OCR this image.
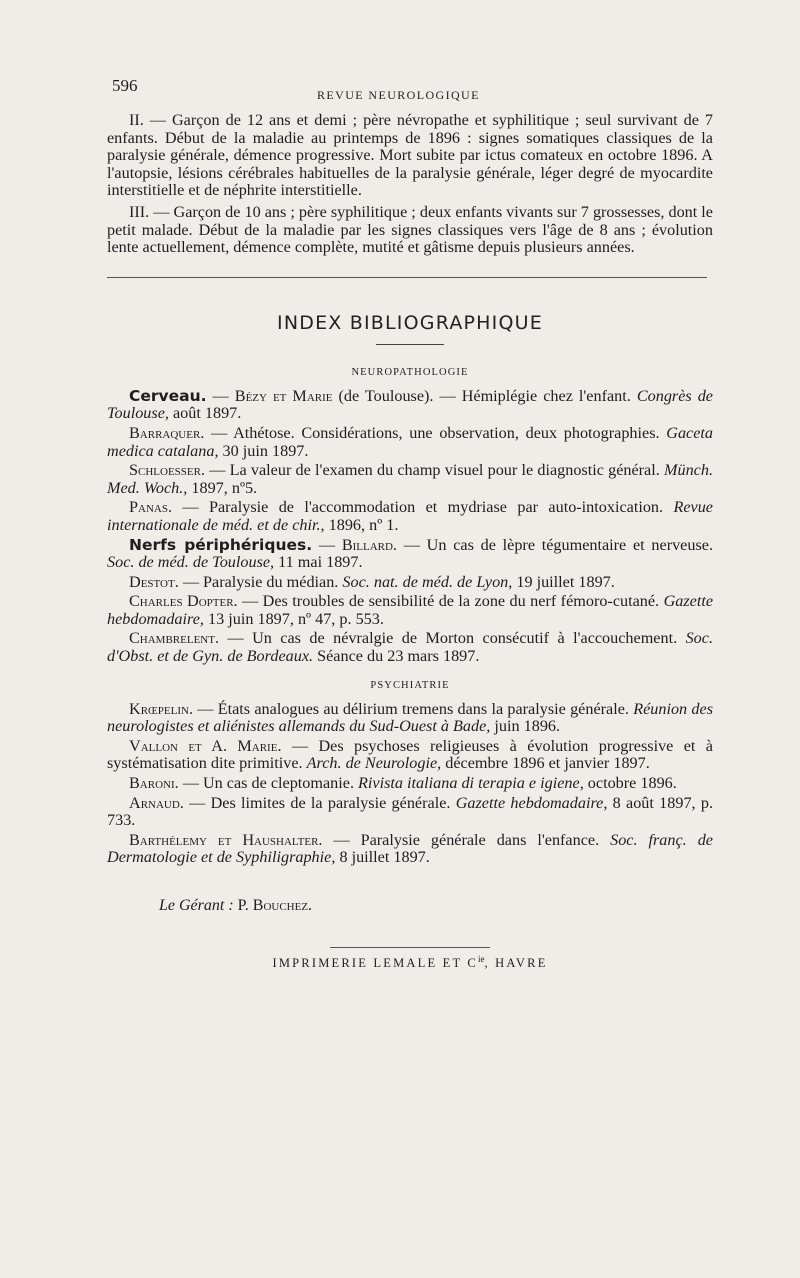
596	REVUE NEUROLOGIQUE

II. — Garçon de 12 ans et demi ; père névropathe et syphilitique ; seul survivant de 7 enfants. Début de la maladie au printemps de 1896 : signes somatiques classiques de la paralysie générale, démence progressive. Mort subite par ictus comateux en octobre 1896. A l'autopsie, lésions cérébrales habituelles de la paralysie générale, léger degré de myocardite interstitielle et de néphrite interstitielle.

III. — Garçon de 10 ans ; père syphilitique ; deux enfants vivants sur 7 grossesses, dont le petit malade. Début de la maladie par les signes classiques vers l'âge de 8 ans ; évolution lente actuellement, démence complète, mutité et gâtisme depuis plusieurs années.

INDEX BIBLIOGRAPHIQUE
NEUROPATHOLOGIE

Cerveau. — Bézy et Marie (de Toulouse). — Hémiplégie chez l'enfant. Congrès de Toulouse, août 1897.

Barraquer. — Athétose. Considérations, une observation, deux photographies. Gaceta medica catalana, 30 juin 1897.

Schloesser. — La valeur de l'examen du champ visuel pour le diagnostic général. Münch. Med. Woch., 1897, nº5.

Panas. — Paralysie de l'accommodation et mydriase par auto-intoxication. Revue internationale de méd. et de chir., 1896, nº 1.

Nerfs périphériques. — Billard. — Un cas de lèpre tégumentaire et nerveuse. Soc. de méd. de Toulouse, 11 mai 1897.

Destot. — Paralysie du médian. Soc. nat. de méd. de Lyon, 19 juillet 1897.

Charles Dopter. — Des troubles de sensibilité de la zone du nerf fémoro-cutané. Gazette hebdomadaire, 13 juin 1897, nº 47, p. 553.

Chambrelent. — Un cas de névralgie de Morton consécutif à l'accouchement. Soc. d'Obst. et de Gyn. de Bordeaux. Séance du 23 mars 1897.

PSYCHIATRIE

Krœpelin. — États analogues au délirium tremens dans la paralysie générale. Réunion des neurologistes et aliénistes allemands du Sud-Ouest à Bade, juin 1896.

Vallon et A. Marie. — Des psychoses religieuses à évolution progressive et à systématisation dite primitive. Arch. de Neurologie, décembre 1896 et janvier 1897.

Baroni. — Un cas de cleptomanie. Rivista italiana di terapia e igiene, octobre 1896.

Arnaud. — Des limites de la paralysie générale. Gazette hebdomadaire, 8 août 1897, p. 733.

Barthélemy et Haushalter. — Paralysie générale dans l'enfance. Soc. franç. de Dermatologie et de Syphiligraphie, 8 juillet 1897.

Le Gérant : P. Bouchez.
IMPRIMERIE LEMALE ET $C^{ie}$, HAVRE
